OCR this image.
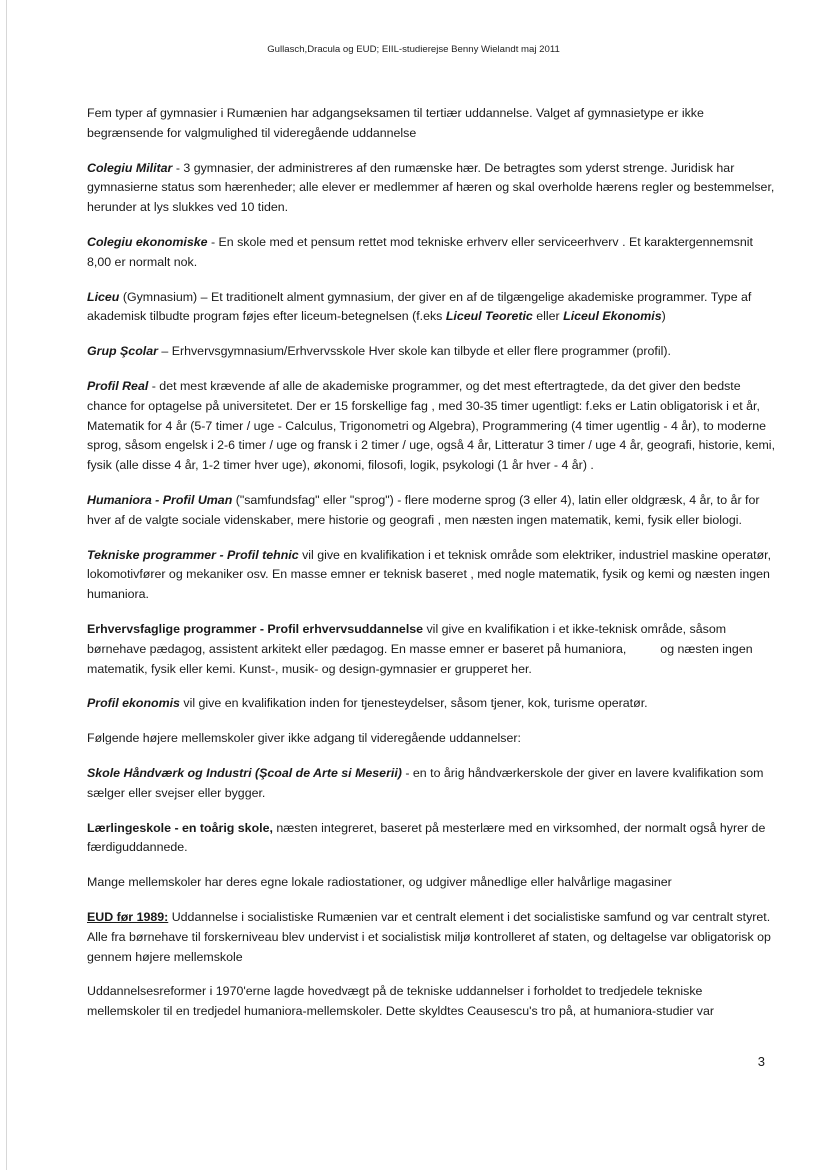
Gullasch,Dracula og EUD; EIIL-studierejse Benny Wielandt maj 2011

Fem typer af gymnasier i Rumænien har adgangseksamen til tertiær uddannelse. Valget af gymnasietype er ikke begrænsende for valgmulighed til videregående uddannelse

Colegiu Militar - 3 gymnasier, der administreres af den rumænske hær. De betragtes som yderst strenge. Juridisk har gymnasierne status som hærenheder; alle elever er medlemmer af hæren og skal overholde hærens regler og bestemmelser, herunder at lys slukkes ved 10 tiden.

Colegiu ekonomiske - En skole med et pensum rettet mod tekniske erhverv eller serviceerhverv . Et karaktergennemsnit 8,00 er normalt nok.

Liceu (Gymnasium) – Et traditionelt alment gymnasium, der giver en af de tilgængelige akademiske programmer. Type af akademisk tilbudte program føjes efter liceum-betegnelsen (f.eks Liceul Teoretic eller Liceul Ekonomis)

Grup Şcolar – Erhvervsgymnasium/Erhvervsskole Hver skole kan tilbyde et eller flere programmer (profil).

Profil Real - det mest krævende af alle de akademiske programmer, og det mest eftertragtede, da det giver den bedste chance for optagelse på universitetet. Der er 15 forskellige fag , med 30-35 timer ugentligt: f.eks er Latin obligatorisk i et år, Matematik for 4 år (5-7 timer / uge - Calculus, Trigonometri og Algebra), Programmering (4 timer ugentlig - 4 år), to moderne sprog, såsom engelsk i 2-6 timer / uge og fransk i 2 timer / uge, også 4 år, Litteratur 3 timer / uge 4 år, geografi, historie, kemi, fysik (alle disse 4 år, 1-2 timer hver uge), økonomi, filosofi, logik, psykologi (1 år hver - 4 år) .

Humaniora - Profil Uman ("samfundsfag" eller "sprog") - flere moderne sprog (3 eller 4), latin eller oldgræsk, 4 år, to år for hver af de valgte sociale videnskaber, mere historie og geografi , men næsten ingen matematik, kemi, fysik eller biologi.

Tekniske programmer - Profil tehnic vil give en kvalifikation i et teknisk område som elektriker, industriel maskine operatør, lokomotivfører og mekaniker osv. En masse emner er teknisk baseret , med nogle matematik, fysik og kemi og næsten ingen humaniora.

Erhvervsfaglige programmer - Profil erhvervsuddannelse vil give en kvalifikation i et ikke-teknisk område, såsom børnehave pædagog, assistent arkitekt eller pædagog. En masse emner er baseret på humaniora,	og næsten ingen matematik, fysik eller kemi. Kunst-, musik- og design-gymnasier er grupperet her.

Profil ekonomis vil give en kvalifikation inden for tjenesteydelser, såsom tjener, kok, turisme operatør.

Følgende højere mellemskoler giver ikke adgang til videregående uddannelser:

Skole Håndværk og Industri (Şcoal de Arte si Meserii) - en to årig håndværkerskole der giver en lavere kvalifikation som sælger eller svejser eller bygger.

Lærlingeskole - en toårig skole, næsten integreret, baseret på mesterlære med en virksomhed, der normalt også hyrer de færdiguddannede.

Mange mellemskoler har deres egne lokale radiostationer, og udgiver månedlige eller halvårlige magasiner

EUD før 1989: Uddannelse i socialistiske Rumænien var et centralt element i det socialistiske samfund og var centralt styret. Alle fra børnehave til forskerniveau blev undervist i et socialistisk miljø kontrolleret af staten, og deltagelse var obligatorisk op gennem højere mellemskole

Uddannelsesreformer i 1970'erne lagde hovedvægt på de tekniske uddannelser i forholdet to tredjedele tekniske mellemskoler til en tredjedel humaniora-mellemskoler. Dette skyldtes Ceausescu's tro på, at humaniora-studier var

3
